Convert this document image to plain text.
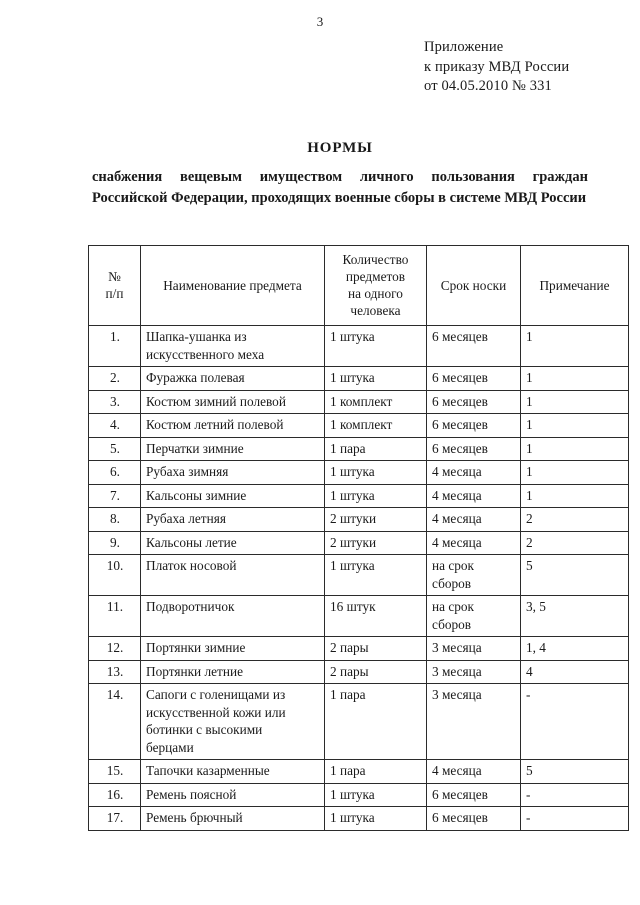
3
Приложение
к приказу МВД России
от 04.05.2010 № 331
НОРМЫ

снабжения вещевым имуществом личного пользования граждан Российской Федерации, проходящих военные сборы в системе МВД России

№
п/п	Наименование предмета	Количество
предметов
на одного
человека	Срок носки	Примечание

1.	Шапка-ушанка из
искусственного меха	1 штука	6 месяцев	1

2.	Фуражка полевая	1 штука	6 месяцев	1

3.	Костюм зимний полевой	1 комплект	6 месяцев	1

4.	Костюм летний полевой	1 комплект	6 месяцев	1

5.	Перчатки зимние	1 пара	6 месяцев	1

6.	Рубаха зимняя	1 штука	4 месяца	1

7.	Кальсоны зимние	1 штука	4 месяца	1

8.	Рубаха летняя	2 штуки	4 месяца	2

9.	Кальсоны летие	2 штуки	4 месяца	2

10.	Платок носовой	1 штука	на срок
сборов	5

11.	Подворотничок	16 штук	на срок
сборов	3, 5

12.	Портянки зимние	2 пары	3 месяца	1, 4

13.	Портянки летние	2 пары	3 месяца	4

14.	Сапоги с голенищами из
искусственной кожи или
ботинки с высокими
берцами	1 пара	3 месяца	-

15.	Тапочки казарменные	1 пара	4 месяца	5

16.	Ремень поясной	1 штука	6 месяцев	-

17.	Ремень брючный	1 штука	6 месяцев	-
